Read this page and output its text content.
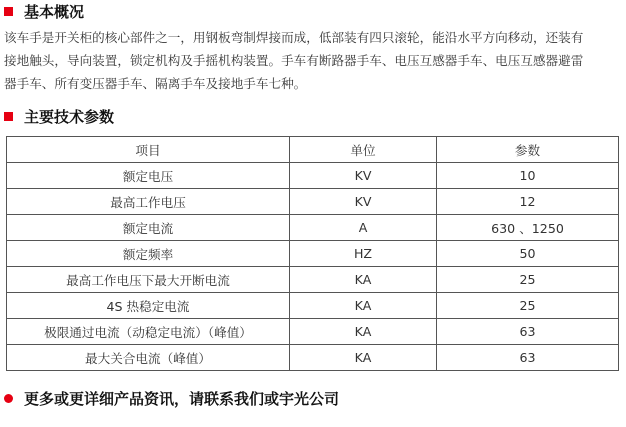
基本概况

该车手是开关柜的核心部件之一，用钢板弯制焊接而成，低部装有四只滚轮，能沿水平方向移动，还装有
接地触头，导向装置，锁定机构及手摇机构装置。手车有断路器手车、电压互感器手车、电压互感器避雷
器手车、所有变压器手车、隔离手车及接地手车七种。

主要技术参数
项目	单位	参数
额定电压	KV	10
最高工作电压	KV	12
额定电流	A	630 、1250
额定频率	HZ	50
最高工作电压下最大开断电流	KA	25
4S 热稳定电流	KA	25
极限通过电流（动稳定电流）（峰值）	KA	63
最大关合电流（峰值）	KA	63
更多或更详细产品资讯，请联系我们或宇光公司
